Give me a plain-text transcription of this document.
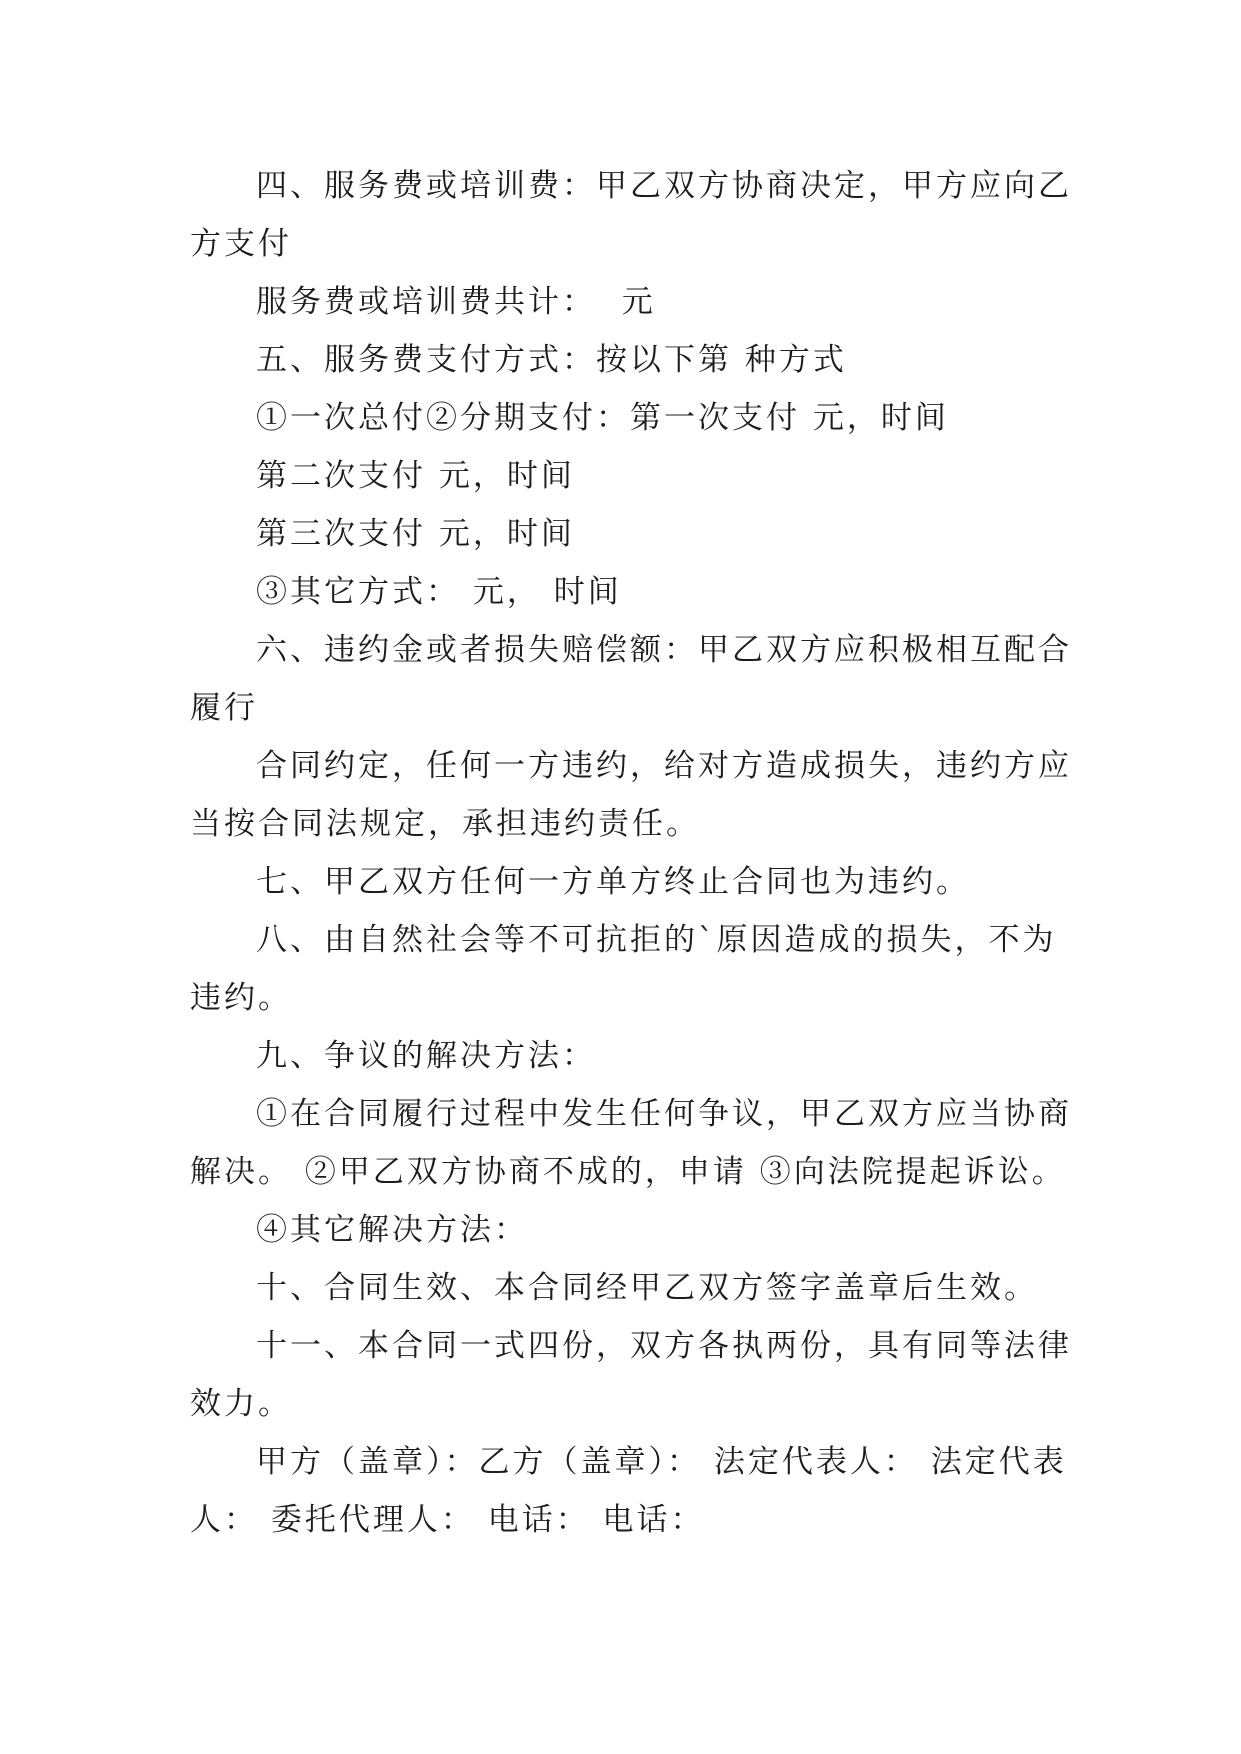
四、服务费或培训费：甲乙双方协商决定，甲方应向乙
方支付
服务费或培训费共计：  元
五、服务费支付方式：按以下第 种方式
①一次总付②分期支付：第一次支付 元，时间
第二次支付 元，时间
第三次支付 元，时间
③其它方式： 元， 时间
六、违约金或者损失赔偿额：甲乙双方应积极相互配合
履行
合同约定，任何一方违约，给对方造成损失，违约方应
当按合同法规定，承担违约责任。
七、甲乙双方任何一方单方终止合同也为违约。
八、由自然社会等不可抗拒的`原因造成的损失，不为
违约。
九、争议的解决方法：
①在合同履行过程中发生任何争议，甲乙双方应当协商
解决。 ②甲乙双方协商不成的，申请 ③向法院提起诉讼。
④其它解决方法：
十、合同生效、本合同经甲乙双方签字盖章后生效。
十一、本合同一式四份，双方各执两份，具有同等法律
效力。
甲方（盖章）：乙方（盖章）： 法定代表人： 法定代表
人： 委托代理人： 电话： 电话：
